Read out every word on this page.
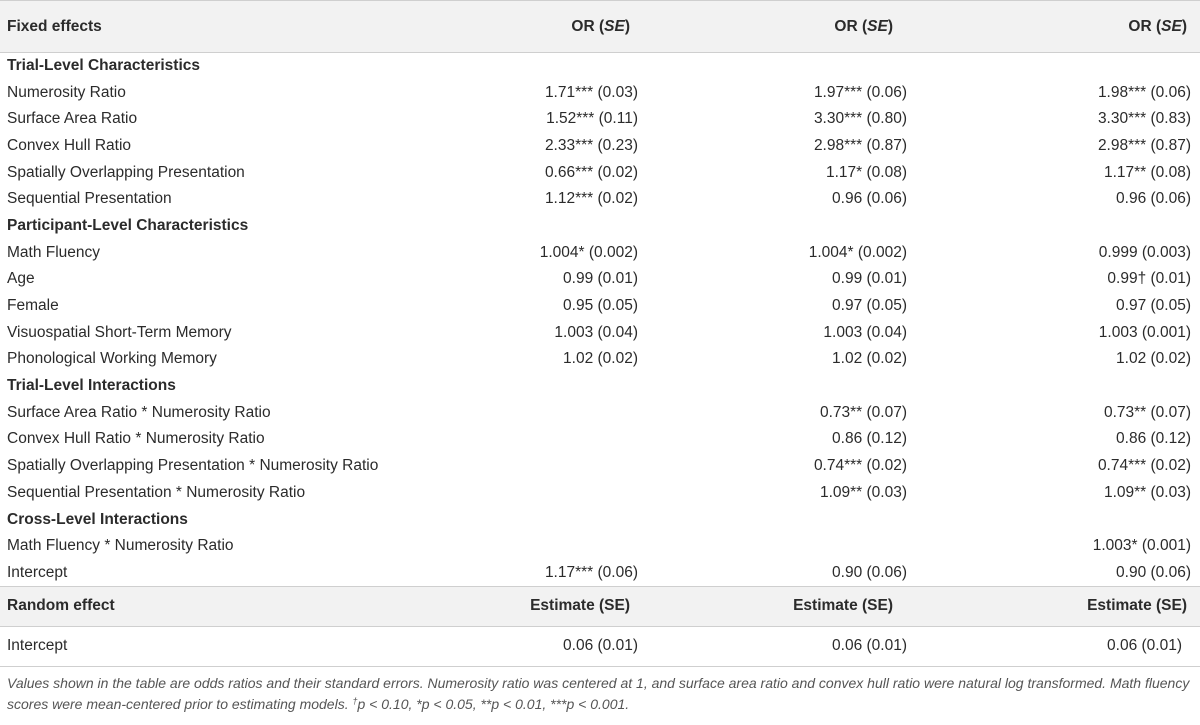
Fixed effects	OR (SE)	OR (SE)	OR (SE)
Trial-Level Characteristics			
Numerosity Ratio	1.71*** (0.03)	1.97*** (0.06)	1.98*** (0.06)
Surface Area Ratio	1.52*** (0.11)	3.30*** (0.80)	3.30*** (0.83)
Convex Hull Ratio	2.33*** (0.23)	2.98*** (0.87)	2.98*** (0.87)
Spatially Overlapping Presentation	0.66*** (0.02)	1.17* (0.08)	1.17** (0.08)
Sequential Presentation	1.12*** (0.02)	0.96 (0.06)	0.96 (0.06)
Participant-Level Characteristics			
Math Fluency	1.004* (0.002)	1.004* (0.002)	0.999 (0.003)
Age	0.99 (0.01)	0.99 (0.01)	0.99† (0.01)
Female	0.95 (0.05)	0.97 (0.05)	0.97 (0.05)
Visuospatial Short-Term Memory	1.003 (0.04)	1.003 (0.04)	1.003 (0.001)
Phonological Working Memory	1.02 (0.02)	1.02 (0.02)	1.02 (0.02)
Trial-Level Interactions			
Surface Area Ratio * Numerosity Ratio		0.73** (0.07)	0.73** (0.07)
Convex Hull Ratio * Numerosity Ratio		0.86 (0.12)	0.86 (0.12)
Spatially Overlapping Presentation * Numerosity Ratio		0.74*** (0.02)	0.74*** (0.02)
Sequential Presentation * Numerosity Ratio		1.09** (0.03)	1.09** (0.03)
Cross-Level Interactions			
Math Fluency * Numerosity Ratio			1.003* (0.001)
Intercept	1.17*** (0.06)	0.90 (0.06)	0.90 (0.06)
Random effect	Estimate (SE)	Estimate (SE)	Estimate (SE)
Intercept	0.06 (0.01)	0.06 (0.01)	0.06 (0.01)
Values shown in the table are odds ratios and their standard errors. Numerosity ratio was centered at 1, and surface area ratio and convex hull ratio were natural log transformed. Math fluency scores were mean-centered prior to estimating models. †p < 0.10, *p < 0.05, **p < 0.01, ***p < 0.001.
